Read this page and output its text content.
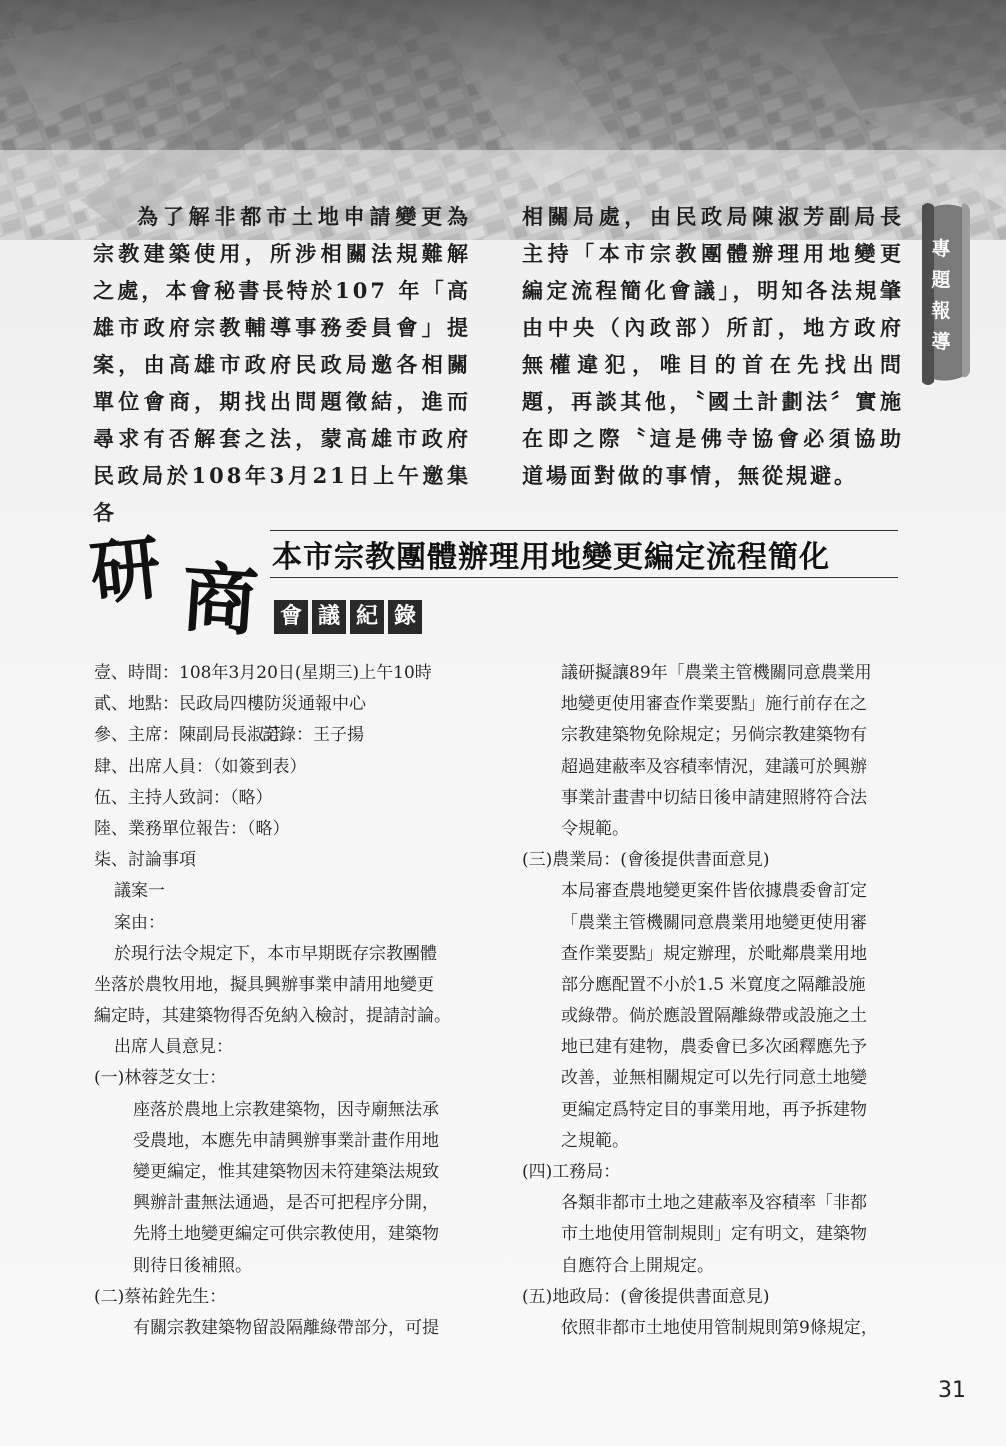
為了解非都市土地申請變更為宗教建築使用，所涉相關法規難解之處，本會秘書長特於107 年「高雄市政府宗教輔導事務委員會」提案，由高雄市政府民政局邀各相關單位會商，期找出問題徵結，進而尋求有否解套之法，蒙高雄市政府民政局於108年3月21日上午邀集各

相關局處，由民政局陳淑芳副局長主持「本市宗教團體辦理用地變更編定流程簡化會議」，明知各法規肇由中央（內政部）所訂，地方政府無權違犯，唯目的首在先找出問題，再談其他，〝國土計劃法〞實施在即之際〝這是佛寺協會必須協助道場面對做的事情，無從規避。

專
題
報
導
研 商 本市宗教團體辦理用地變更編定流程簡化
會 議 紀 錄
壹、時間：108年3月20日(星期三)上午10時
貳、地點：民政局四樓防災通報中心
參、主席：陳副局長淑芳記錄：王子揚
肆、出席人員：（如簽到表）
伍、主持人致詞：（略）
陸、業務單位報告：（略）
柒、討論事項
議案一
案由：
於現行法令規定下，本市早期既存宗教團體
坐落於農牧用地，擬具興辦事業申請用地變更
編定時，其建築物得否免納入檢討，提請討論。
出席人員意見：
(一)林蓉芝女士：
座落於農地上宗教建築物，因寺廟無法承
受農地，本應先申請興辦事業計畫作用地
變更編定，惟其建築物因未符建築法規致
興辦計畫無法通過，是否可把程序分開，
先將土地變更編定可供宗教使用，建築物
則待日後補照。
(二)蔡祐銓先生：
有關宗教建築物留設隔離綠帶部分，可提
議研擬讓89年「農業主管機關同意農業用
地變更使用審查作業要點」施行前存在之
宗教建築物免除規定；另倘宗教建築物有
超過建蔽率及容積率情況，建議可於興辦
事業計畫書中切結日後申請建照將符合法
令規範。
(三)農業局：(會後提供書面意見)
本局審查農地變更案件皆依據農委會訂定
「農業主管機關同意農業用地變更使用審
查作業要點」規定辦理，於毗鄰農業用地
部分應配置不小於1.5 米寬度之隔離設施
或綠帶。倘於應設置隔離綠帶或設施之土
地已建有建物，農委會已多次函釋應先予
改善，並無相關規定可以先行同意土地變
更編定爲特定目的事業用地，再予拆建物
之規範。
(四)工務局：
各類非都市土地之建蔽率及容積率「非都
市土地使用管制規則」定有明文，建築物
自應符合上開規定。
(五)地政局：(會後提供書面意見)
依照非都市土地使用管制規則第9條規定，
31
